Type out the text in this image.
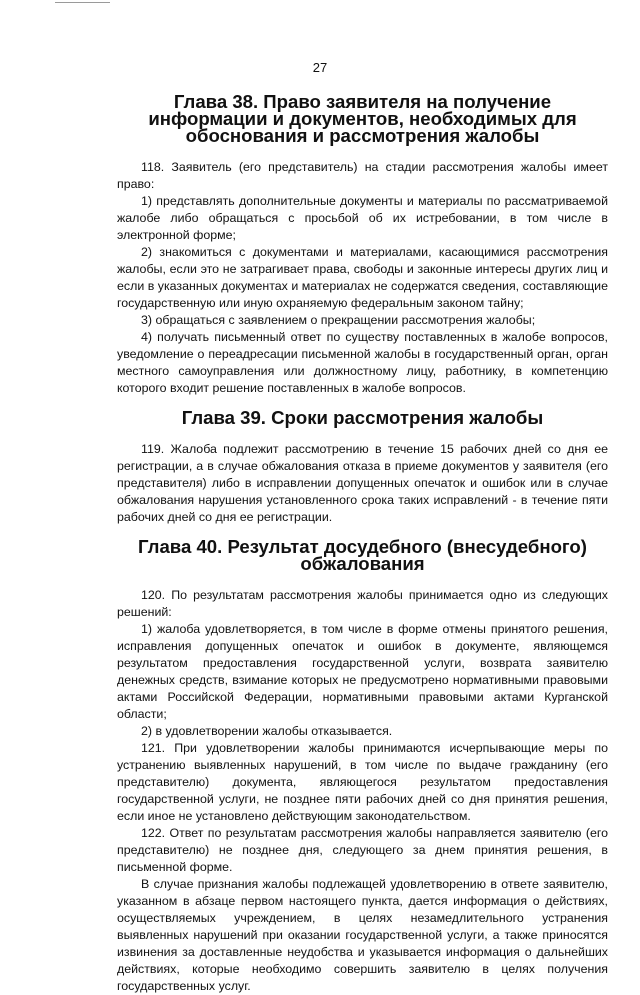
27
Глава 38. Право заявителя на получение информации и документов, необходимых для обоснования и рассмотрения жалобы

118. Заявитель (его представитель) на стадии рассмотрения жалобы имеет право:

1) представлять дополнительные документы и материалы по рассматриваемой жалобе либо обращаться с просьбой об их истребовании, в том числе в электронной форме;

2) знакомиться с документами и материалами, касающимися рассмотрения жалобы, если это не затрагивает права, свободы и законные интересы других лиц и если в указанных документах и материалах не содержатся сведения, составляющие государственную или иную охраняемую федеральным законом тайну;

3) обращаться с заявлением о прекращении рассмотрения жалобы;

4) получать письменный ответ по существу поставленных в жалобе вопросов, уведомление о переадресации письменной жалобы в государственный орган, орган местного самоуправления или должностному лицу, работнику, в компетенцию которого входит решение поставленных в жалобе вопросов.

Глава 39. Сроки рассмотрения жалобы

119. Жалоба подлежит рассмотрению в течение 15 рабочих дней со дня ее регистрации, а в случае обжалования отказа в приеме документов у заявителя (его представителя) либо в исправлении допущенных опечаток и ошибок или в случае обжалования нарушения установленного срока таких исправлений - в течение пяти рабочих дней со дня ее регистрации.

Глава 40. Результат досудебного (внесудебного) обжалования

120. По результатам рассмотрения жалобы принимается одно из следующих решений:

1) жалоба удовлетворяется, в том числе в форме отмены принятого решения, исправления допущенных опечаток и ошибок в документе, являющемся результатом предоставления государственной услуги, возврата заявителю денежных средств, взимание которых не предусмотрено нормативными правовыми актами Российской Федерации, нормативными правовыми актами Курганской области;

2) в удовлетворении жалобы отказывается.

121. При удовлетворении жалобы принимаются исчерпывающие меры по устранению выявленных нарушений, в том числе по выдаче гражданину (его представителю) документа, являющегося результатом предоставления государственной услуги, не позднее пяти рабочих дней со дня принятия решения, если иное не установлено действующим законодательством.

122. Ответ по результатам рассмотрения жалобы направляется заявителю (его представителю) не позднее дня, следующего за днем принятия решения, в письменной форме.

В случае признания жалобы подлежащей удовлетворению в ответе заявителю, указанном в абзаце первом настоящего пункта, дается информация о действиях, осуществляемых учреждением, в целях незамедлительного устранения выявленных нарушений при оказании государственной услуги, а также приносятся извинения за доставленные неудобства и указывается информация о дальнейших действиях, которые необходимо совершить заявителю в целях получения государственных услуг.
